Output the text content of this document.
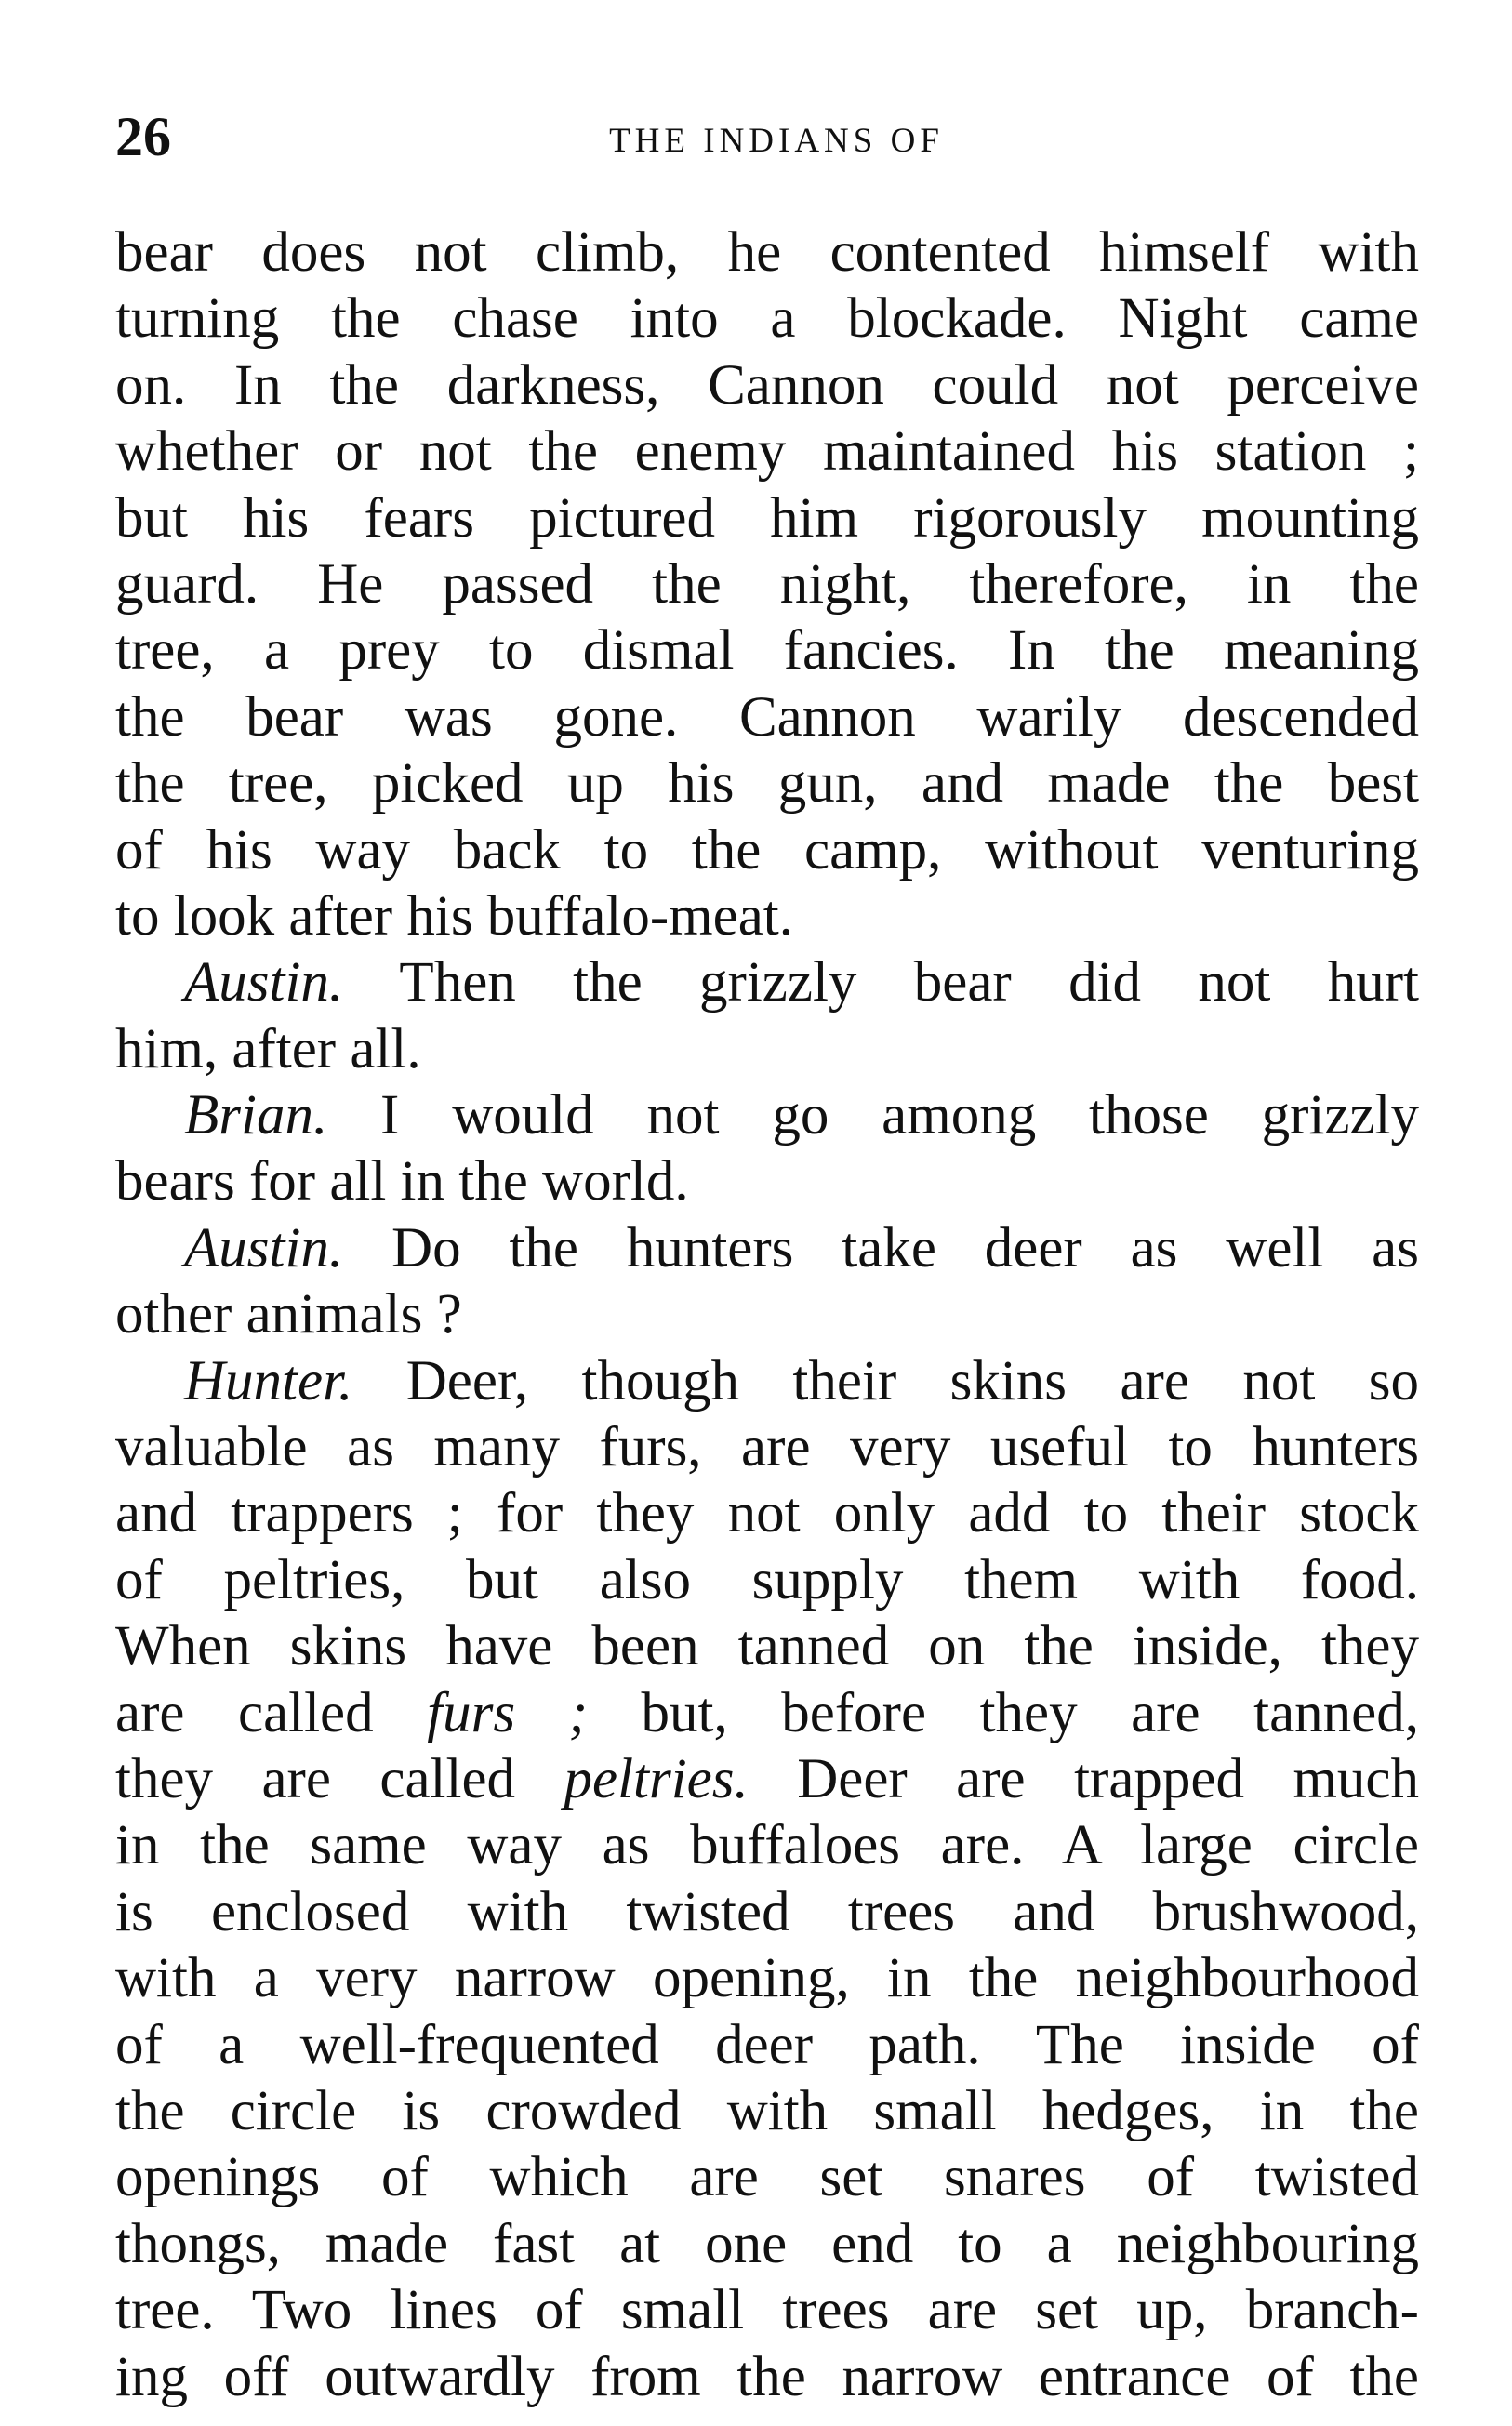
26	THE INDIANS OF
bear does not climb, he contented himself with
turning the chase into a blockade. Night came
on. In the darkness, Cannon could not perceive
whether or not the enemy maintained his station ;
but his fears pictured him rigorously mounting
guard. He passed the night, therefore, in the
tree, a prey to dismal fancies. In the meaning
the bear was gone. Cannon warily descended
the tree, picked up his gun, and made the best
of his way back to the camp, without venturing
to look after his buffalo-meat.
Austin. Then the grizzly bear did not hurt
him, after all.
Brian. I would not go among those grizzly
bears for all in the world.
Austin. Do the hunters take deer as well as
other animals ?
Hunter. Deer, though their skins are not so
valuable as many furs, are very useful to hunters
and trappers ; for they not only add to their stock
of peltries, but also supply them with food.
When skins have been tanned on the inside, they
are called furs ; but, before they are tanned,
they are called peltries. Deer are trapped much
in the same way as buffaloes are. A large circle
is enclosed with twisted trees and brushwood,
with a very narrow opening, in the neighbourhood
of a well-frequented deer path. The inside of
the circle is crowded with small hedges, in the
openings of which are set snares of twisted
thongs, made fast at one end to a neighbouring
tree. Two lines of small trees are set up, branch-
ing off outwardly from the narrow entrance of the
